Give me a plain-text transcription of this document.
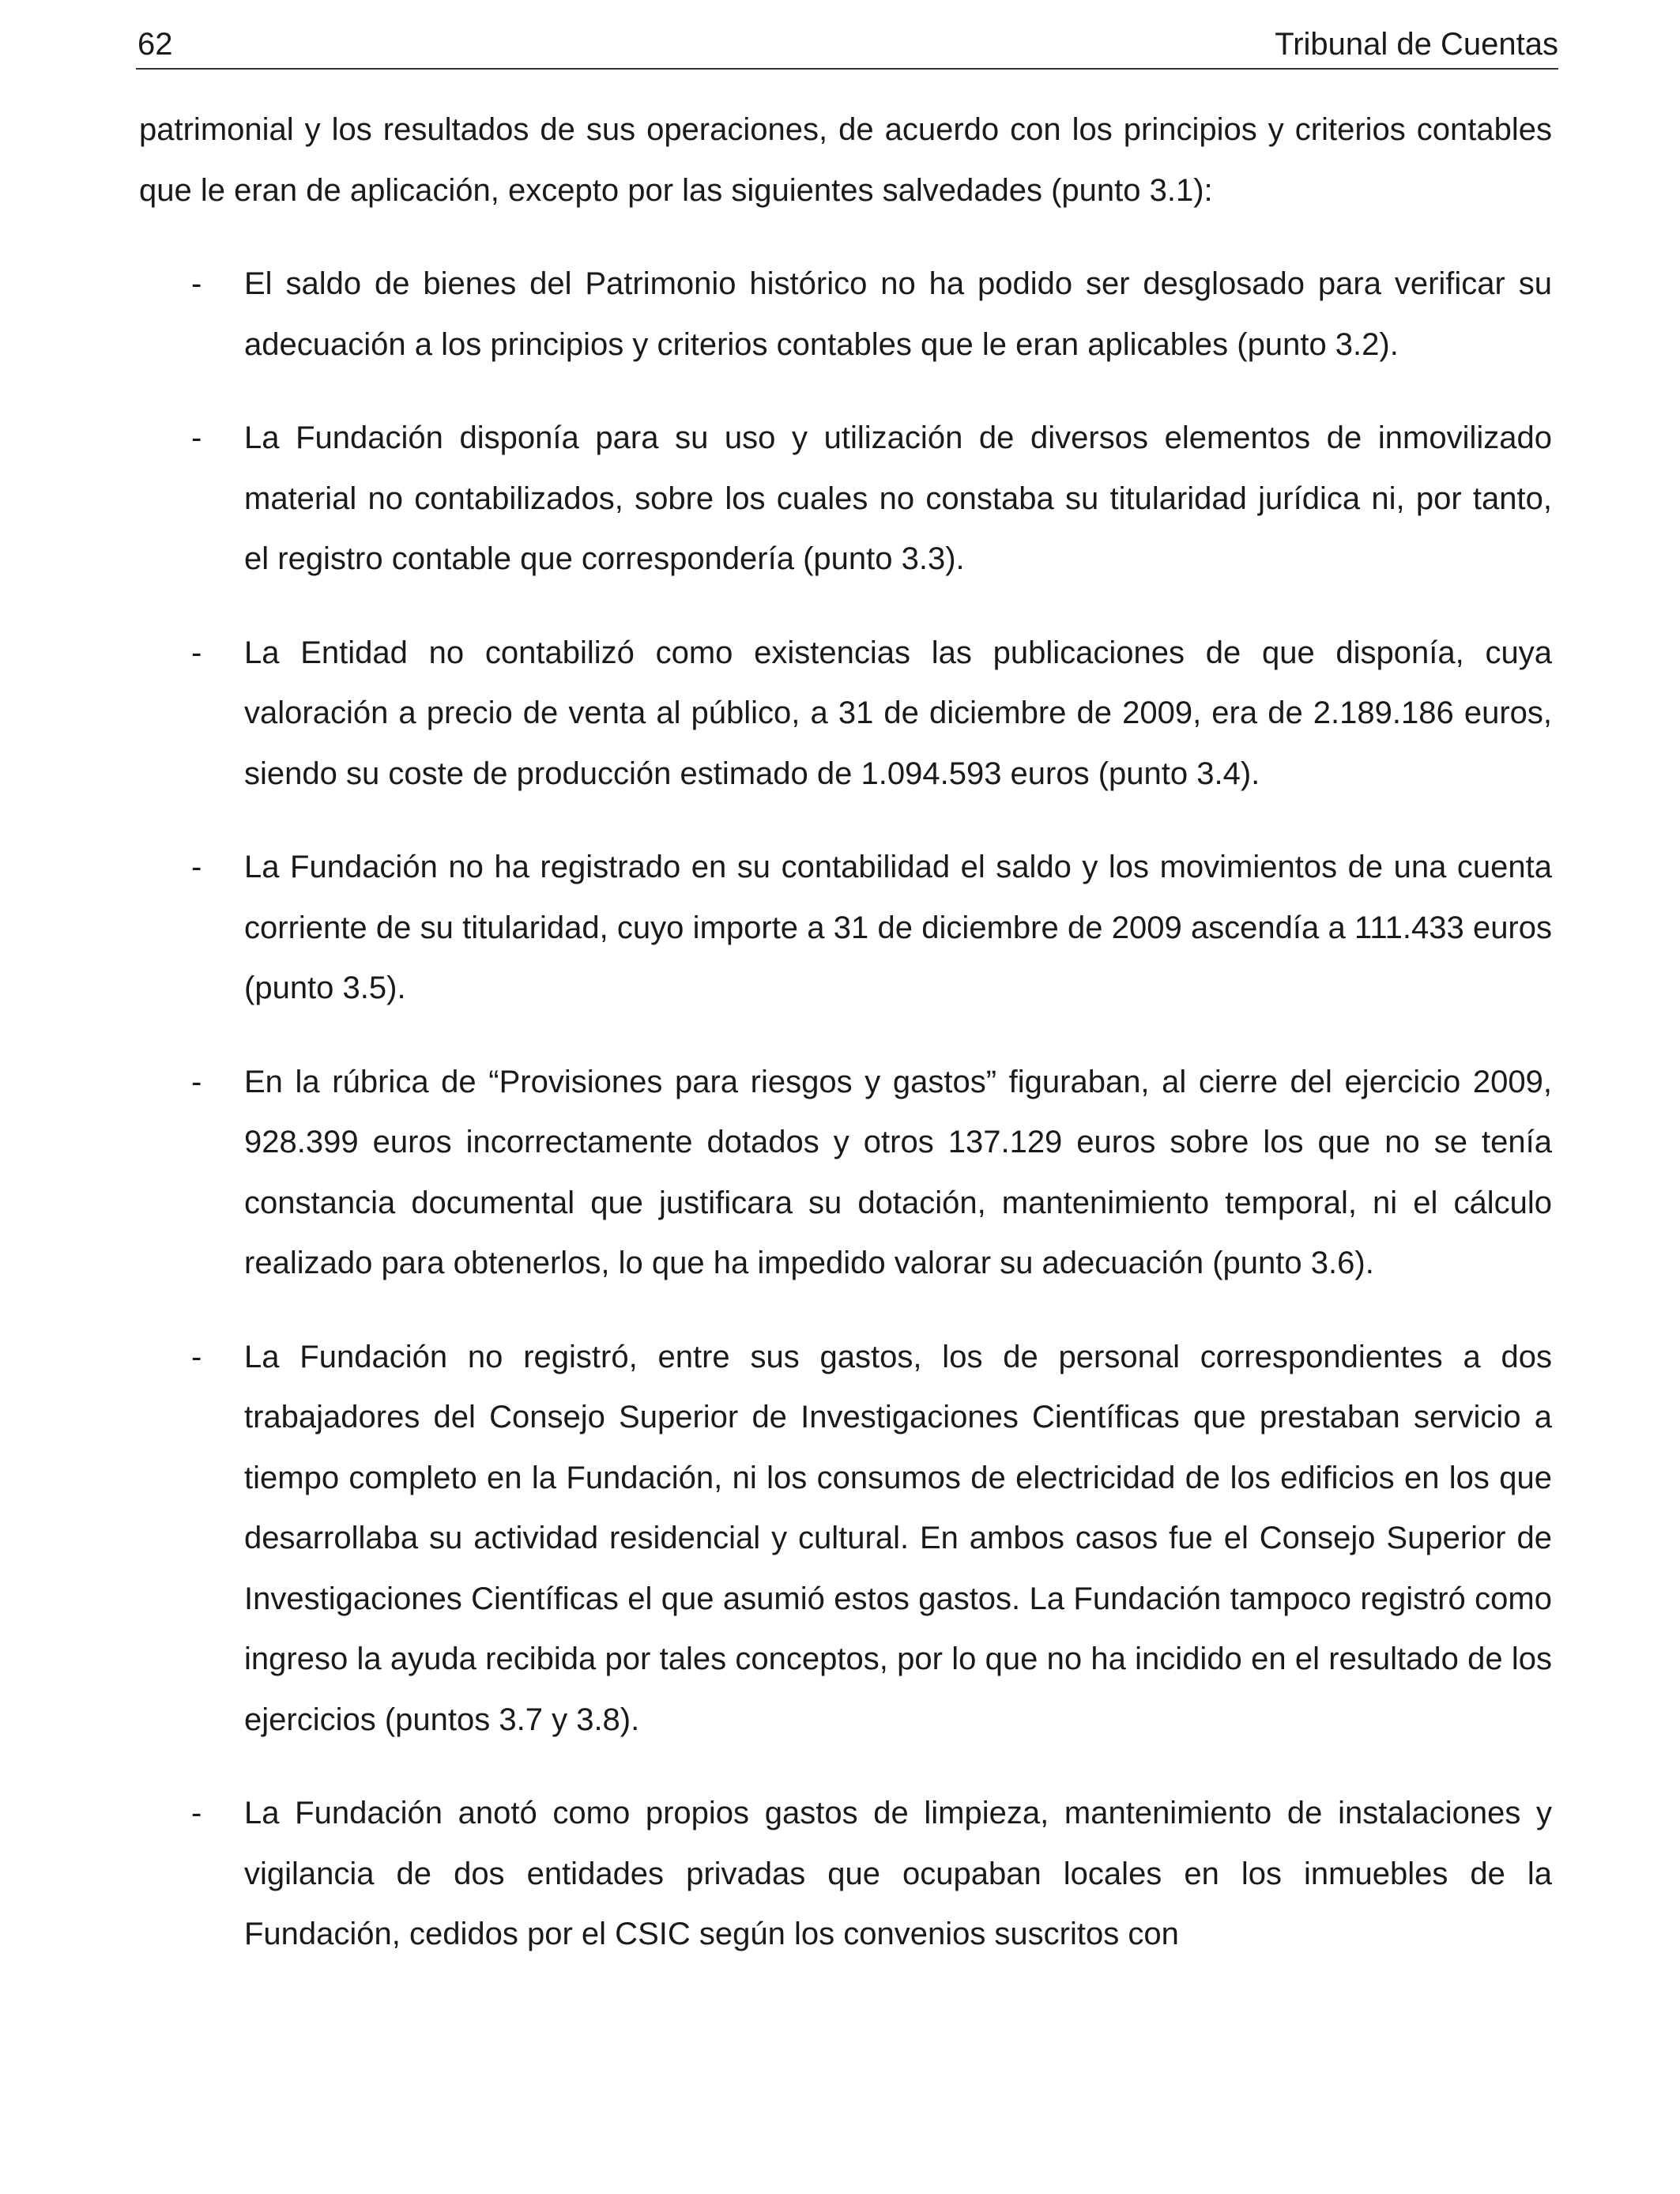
62	Tribunal de Cuentas

patrimonial y los resultados de sus operaciones, de acuerdo con los principios y criterios contables que le eran de aplicación, excepto por las siguientes salvedades (punto 3.1):

- El saldo de bienes del Patrimonio histórico no ha podido ser desglosado para verificar su adecuación a los principios y criterios contables que le eran aplicables (punto 3.2).

- La Fundación disponía para su uso y utilización de diversos elementos de inmovilizado material no contabilizados, sobre los cuales no constaba su titularidad jurídica ni, por tanto, el registro contable que correspondería (punto 3.3).

- La Entidad no contabilizó como existencias las publicaciones de que disponía, cuya valoración a precio de venta al público, a 31 de diciembre de 2009, era de 2.189.186 euros, siendo su coste de producción estimado de 1.094.593 euros (punto 3.4).

- La Fundación no ha registrado en su contabilidad el saldo y los movimientos de una cuenta corriente de su titularidad, cuyo importe a 31 de diciembre de 2009 ascendía a 111.433 euros (punto 3.5).

- En la rúbrica de “Provisiones para riesgos y gastos” figuraban, al cierre del ejercicio 2009, 928.399 euros incorrectamente dotados y otros 137.129 euros sobre los que no se tenía constancia documental que justificara su dotación, mantenimiento temporal, ni el cálculo realizado para obtenerlos, lo que ha impedido valorar su adecuación (punto 3.6).

- La Fundación no registró, entre sus gastos, los de personal correspondientes a dos trabajadores del Consejo Superior de Investigaciones Científicas que prestaban servicio a tiempo completo en la Fundación, ni los consumos de electricidad de los edificios en los que desarrollaba su actividad residencial y cultural. En ambos casos fue el Consejo Superior de Investigaciones Científicas el que asumió estos gastos. La Fundación tampoco registró como ingreso la ayuda recibida por tales conceptos, por lo que no ha incidido en el resultado de los ejercicios (puntos 3.7 y 3.8).

- La Fundación anotó como propios gastos de limpieza, mantenimiento de instalaciones y vigilancia de dos entidades privadas que ocupaban locales en los inmuebles de la Fundación, cedidos por el CSIC según los convenios suscritos con
